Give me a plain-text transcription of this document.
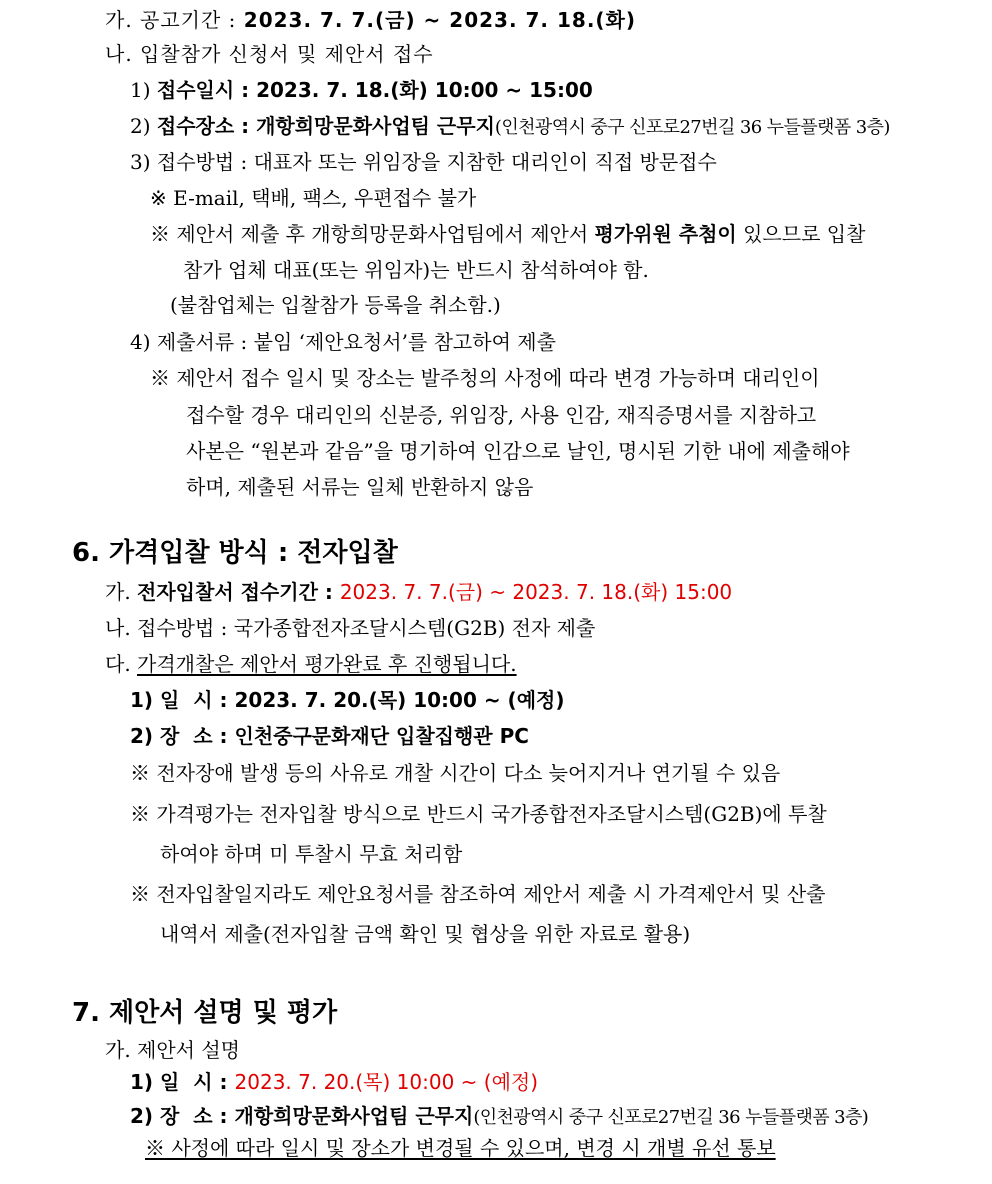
가. 공고기간 : 2023. 7. 7.(금) ~ 2023. 7. 18.(화)
나. 입찰참가 신청서 및 제안서 접수
1) 접수일시 : 2023. 7. 18.(화) 10:00 ~ 15:00
2) 접수장소 : 개항희망문화사업팀 근무지(인천광역시 중구 신포로27번길 36 누들플랫폼 3층)
3) 접수방법 : 대표자 또는 위임장을 지참한 대리인이 직접 방문접수
※ E-mail, 택배, 팩스, 우편접수 불가
※ 제안서 제출 후 개항희망문화사업팀에서 제안서 평가위원 추첨이 있으므로 입찰
참가 업체 대표(또는 위임자)는 반드시 참석하여야 함.
(불참업체는 입찰참가 등록을 취소함.)
4) 제출서류 : 붙임 ‘제안요청서’를 참고하여 제출
※ 제안서 접수 일시 및 장소는 발주청의 사정에 따라 변경 가능하며 대리인이
접수할 경우 대리인의 신분증, 위임장, 사용 인감, 재직증명서를 지참하고
사본은 “원본과 같음”을 명기하여 인감으로 날인, 명시된 기한 내에 제출해야
하며, 제출된 서류는 일체 반환하지 않음
6. 가격입찰 방식 : 전자입찰
가. 전자입찰서 접수기간 : 2023. 7. 7.(금) ~ 2023. 7. 18.(화) 15:00
나. 접수방법 : 국가종합전자조달시스템(G2B) 전자 제출
다. 가격개찰은 제안서 평가완료 후 진행됩니다.
1) 일  시 : 2023. 7. 20.(목) 10:00 ~ (예정)
2) 장  소 : 인천중구문화재단 입찰집행관 PC
※ 전자장애 발생 등의 사유로 개찰 시간이 다소 늦어지거나 연기될 수 있음
※ 가격평가는 전자입찰 방식으로 반드시 국가종합전자조달시스템(G2B)에 투찰
하여야 하며 미 투찰시 무효 처리함
※ 전자입찰일지라도 제안요청서를 참조하여 제안서 제출 시 가격제안서 및 산출
내역서 제출(전자입찰 금액 확인 및 협상을 위한 자료로 활용)
7. 제안서 설명 및 평가
가. 제안서 설명
1) 일  시 : 2023. 7. 20.(목) 10:00 ~ (예정)
2) 장  소 : 개항희망문화사업팀 근무지(인천광역시 중구 신포로27번길 36 누들플랫폼 3층)
※ 사정에 따라 일시 및 장소가 변경될 수 있으며, 변경 시 개별 유선 통보
